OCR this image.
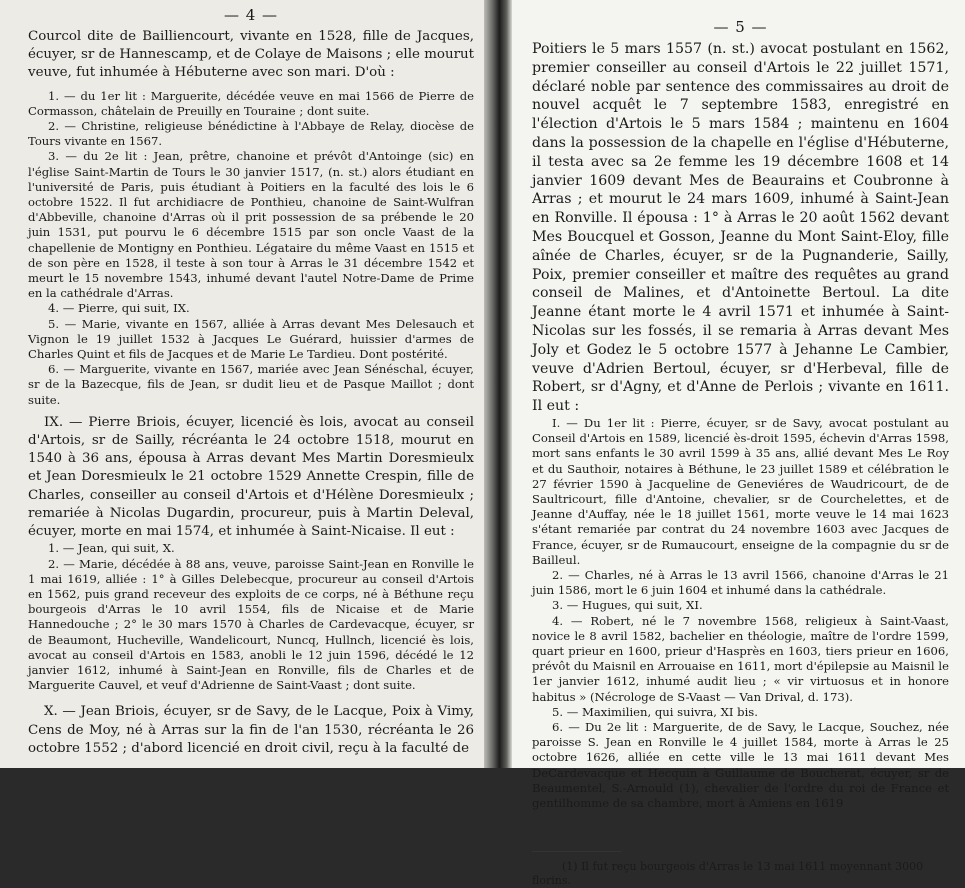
— 4 —

Courcol dite de Bailliencourt, vivante en 1528, fille de Jacques, écuyer, sr de Hannescamp, et de Colaye de Maisons ; elle mourut veuve, fut inhumée à Hébuterne avec son mari. D'où :

1. — du 1er lit : Marguerite, décédée veuve en mai 1566 de Pierre de Cormasson, châtelain de Preuilly en Touraine ; dont suite.

2. — Christine, religieuse bénédictine à l'Abbaye de Relay, diocèse de Tours vivante en 1567.

3. — du 2e lit : Jean, prêtre, chanoine et prévôt d'Antoinge (sic) en l'église Saint-Martin de Tours le 30 janvier 1517, (n. st.) alors étudiant en l'université de Paris, puis étudiant à Poitiers en la faculté des lois le 6 octobre 1522. Il fut archidiacre de Ponthieu, chanoine de Saint-Wulfran d'Abbeville, chanoine d'Arras où il prit possession de sa prébende le 20 juin 1531, put pourvu le 6 décembre 1515 par son oncle Vaast de la chapellenie de Montigny en Ponthieu. Légataire du même Vaast en 1515 et de son père en 1528, il teste à son tour à Arras le 31 décembre 1542 et meurt le 15 novembre 1543, inhumé devant l'autel Notre-Dame de Prime en la cathédrale d'Arras.

4. — Pierre, qui suit, IX.

5. — Marie, vivante en 1567, alliée à Arras devant Mes Delesauch et Vignon le 19 juillet 1532 à Jacques Le Guérard, huissier d'armes de Charles Quint et fils de Jacques et de Marie Le Tardieu. Dont postérité.

6. — Marguerite, vivante en 1567, mariée avec Jean Sénéschal, écuyer, sr de la Bazecque, fils de Jean, sr dudit lieu et de Pasque Maillot ; dont suite.

IX. — Pierre Briois, écuyer, licencié ès lois, avocat au conseil d'Artois, sr de Sailly, récréanta le 24 octobre 1518, mourut en 1540 à 36 ans, épousa à Arras devant Mes Martin Doresmieulx et Jean Doresmieulx le 21 octobre 1529 Annette Crespin, fille de Charles, conseiller au conseil d'Artois et d'Hélène Doresmieulx ; remariée à Nicolas Dugardin, procureur, puis à Martin Deleval, écuyer, morte en mai 1574, et inhumée à Saint-Nicaise. Il eut :

1. — Jean, qui suit, X.

2. — Marie, décédée à 88 ans, veuve, paroisse Saint-Jean en Ronville le 1 mai 1619, alliée : 1° à Gilles Delebecque, procureur au conseil d'Artois en 1562, puis grand receveur des exploits de ce corps, né à Béthune reçu bourgeois d'Arras le 10 avril 1554, fils de Nicaise et de Marie Hannedouche ; 2° le 30 mars 1570 à Charles de Cardevacque, écuyer, sr de Beaumont, Hucheville, Wandelicourt, Nuncq, Hullnch, licencié ès lois, avocat au conseil d'Artois en 1583, anobli le 12 juin 1596, décédé le 12 janvier 1612, inhumé à Saint-Jean en Ronville, fils de Charles et de Marguerite Cauvel, et veuf d'Adrienne de Saint-Vaast ; dont suite.

X. — Jean Briois, écuyer, sr de Savy, de le Lacque, Poix à Vimy, Cens de Moy, né à Arras sur la fin de l'an 1530, récréanta le 26 octobre 1552 ; d'abord licencié en droit civil, reçu à la faculté de

— 5 —

Poitiers le 5 mars 1557 (n. st.) avocat postulant en 1562, premier conseiller au conseil d'Artois le 22 juillet 1571, déclaré noble par sentence des commissaires au droit de nouvel acquêt le 7 septembre 1583, enregistré en l'élection d'Artois le 5 mars 1584 ; maintenu en 1604 dans la possession de la chapelle en l'église d'Hébuterne, il testa avec sa 2e femme les 19 décembre 1608 et 14 janvier 1609 devant Mes de Beaurains et Coubronne à Arras ; et mourut le 24 mars 1609, inhumé à Saint-Jean en Ronville. Il épousa : 1° à Arras le 20 août 1562 devant Mes Boucquel et Gosson, Jeanne du Mont Saint-Eloy, fille aînée de Charles, écuyer, sr de la Pugnanderie, Sailly, Poix, premier conseiller et maître des requêtes au grand conseil de Malines, et d'Antoinette Bertoul. La dite Jeanne étant morte le 4 avril 1571 et inhumée à Saint-Nicolas sur les fossés, il se remaria à Arras devant Mes Joly et Godez le 5 octobre 1577 à Jehanne Le Cambier, veuve d'Adrien Bertoul, écuyer, sr d'Herbeval, fille de Robert, sr d'Agny, et d'Anne de Perlois ; vivante en 1611. Il eut :

I. — Du 1er lit : Pierre, écuyer, sr de Savy, avocat postulant au Conseil d'Artois en 1589, licencié ès-droit 1595, échevin d'Arras 1598, mort sans enfants le 30 avril 1599 à 35 ans, allié devant Mes Le Roy et du Sauthoir, notaires à Béthune, le 23 juillet 1589 et célébration le 27 février 1590 à Jacqueline de Geneviéres de Waudricourt, de de Saultricourt, fille d'Antoine, chevalier, sr de Courchelettes, et de Jeanne d'Auffay, née le 18 juillet 1561, morte veuve le 14 mai 1623 s'étant remariée par contrat du 24 novembre 1603 avec Jacques de France, écuyer, sr de Rumaucourt, enseigne de la compagnie du sr de Bailleul.

2. — Charles, né à Arras le 13 avril 1566, chanoine d'Arras le 21 juin 1586, mort le 6 juin 1604 et inhumé dans la cathédrale.

3. — Hugues, qui suit, XI.

4. — Robert, né le 7 novembre 1568, religieux à Saint-Vaast, novice le 8 avril 1582, bachelier en théologie, maître de l'ordre 1599, quart prieur en 1600, prieur d'Hasprès en 1603, tiers prieur en 1606, prévôt du Maisnil en Arrouaise en 1611, mort d'épilepsie au Maisnil le 1er janvier 1612, inhumé audit lieu ; « vir virtuosus et in honore habitus » (Nécrologe de S-Vaast — Van Drival, d. 173).

5. — Maximilien, qui suivra, XI bis.

6. — Du 2e lit : Marguerite, de de Savy, le Lacque, Souchez, née paroisse S. Jean en Ronville le 4 juillet 1584, morte à Arras le 25 octobre 1626, alliée en cette ville le 13 mai 1611 devant Mes DeCardevacque et Hecquin à Guillaume de Boucherat, écuyer, sr de Beaumentel, S.-Arnould (1), chevalier de l'ordre du roi de France et gentilhomme de sa chambre, mort à Amiens en 1619

(1) Il fut reçu bourgeois d'Arras le 13 mai 1611 moyennant 3000 florins.
